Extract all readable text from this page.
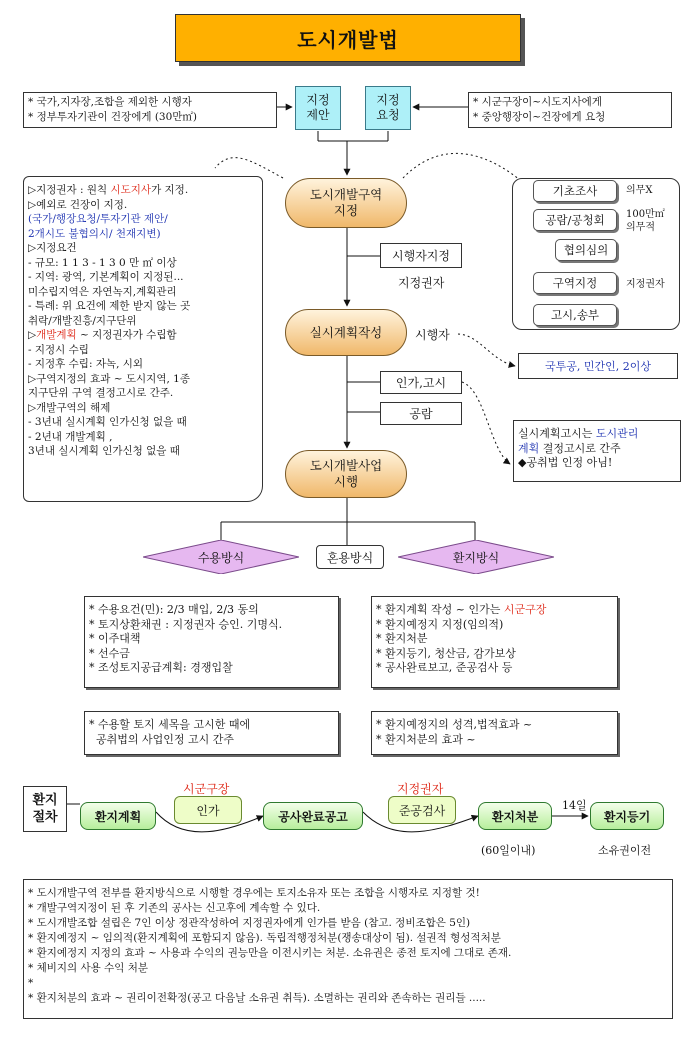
도시개발법

* 국가,지자장,조합을 제외한 시행자

* 정부투자기관이 건장에게 (30만㎡)

* 시군구장이~시도지사에게

* 중앙행장이~건장에게 요청

지정
제안
지정
요청
도시개발구역
지정
시행자지정
지정권자
실시계획작성	시행자
인가,고시
공람
도시개발사업
시행

▷지정권자 : 원칙 시도지사가 지정.

▷예외로 건장이 지정.

(국가/행장요청/투자기관 제안/

2개시도 불협의시/ 천재지변)

▷지정요건

- 규모: 1 1 3 - 1 3 0 만 ㎡ 이상

- 지역: 광역, 기본계획이 지정된...

미수립지역은 자연녹지,계획관리

- 특례: 위 요건에 제한 받지 않는 곳

취락/개발진흥/지구단위

▷개발계획 ~ 지정권자가 수립함

- 지정시 수립

- 지정후 수립: 자녹, 시외

▷구역지정의 효과 ~ 도시지역, 1종

지구단위 구역 결정고시로 간주.

▷개발구역의 해제

- 3년내 실시계획 인가신청 없을 때

- 2년내 개발계획 ,

3년내 실시계획 인가신청 없을 때

기초조사	의무X
공람/공청회	100만㎡
의무적
협의심의
구역지정	지정권자
고시,송부
국투공, 민간인, 2이상

실시계획고시는 도시관리

계획 결정고시로 간주

◆공취법 인정 아님!

수용방식	혼용방식	환지방식

* 수용요건(민): 2/3 매입, 2/3 동의

* 토지상환채권 : 지정권자 승인. 기명식.

* 이주대책

* 선수금

* 조성토지공급계획: 경쟁입찰

* 환지계획 작성 ~ 인가는 시군구장

* 환지예정지 지정(임의적)

* 환지처분

* 환지등기, 청산금, 감가보상

* 공사완료보고, 준공검사 등

* 수용할 토지 세목을 고시한 때에

공취법의 사업인정 고시 간주

* 환지예정지의 성격,법적효과 ~

* 환지처분의 효과 ~

환지
절차	환지계획
시군구장
인가	공사완료공고
지정권자
준공검사	환지처분
14일
환지등기
(60일이내)	소유권이전

* 도시개발구역 전부를 환지방식으로 시행할 경우에는 토지소유자 또는 조합을 시행자로 지정할 것!

* 개발구역지정이 된 후 기존의 공사는 신고후에 계속할 수 있다.

* 도시개발조합 설립은 7인 이상 정관작성하여 지정권자에게 인가를 받음 (참고. 정비조합은 5인)

* 환지예정지 ~ 임의적(환지계획에 포함되지 않음). 독립적행정처분(쟁송대상이 됨). 설권적 형성적처분

* 환지예정지 지정의 효과 ~ 사용과 수익의 권능만을 이전시키는 처분. 소유권은 종전 토지에 그대로 존재.

* 체비지의 사용 수익 처분

*

* 환지처분의 효과 ~ 권리이전확정(공고 다음날 소유권 취득). 소멸하는 권리와 존속하는 권리들 .....
